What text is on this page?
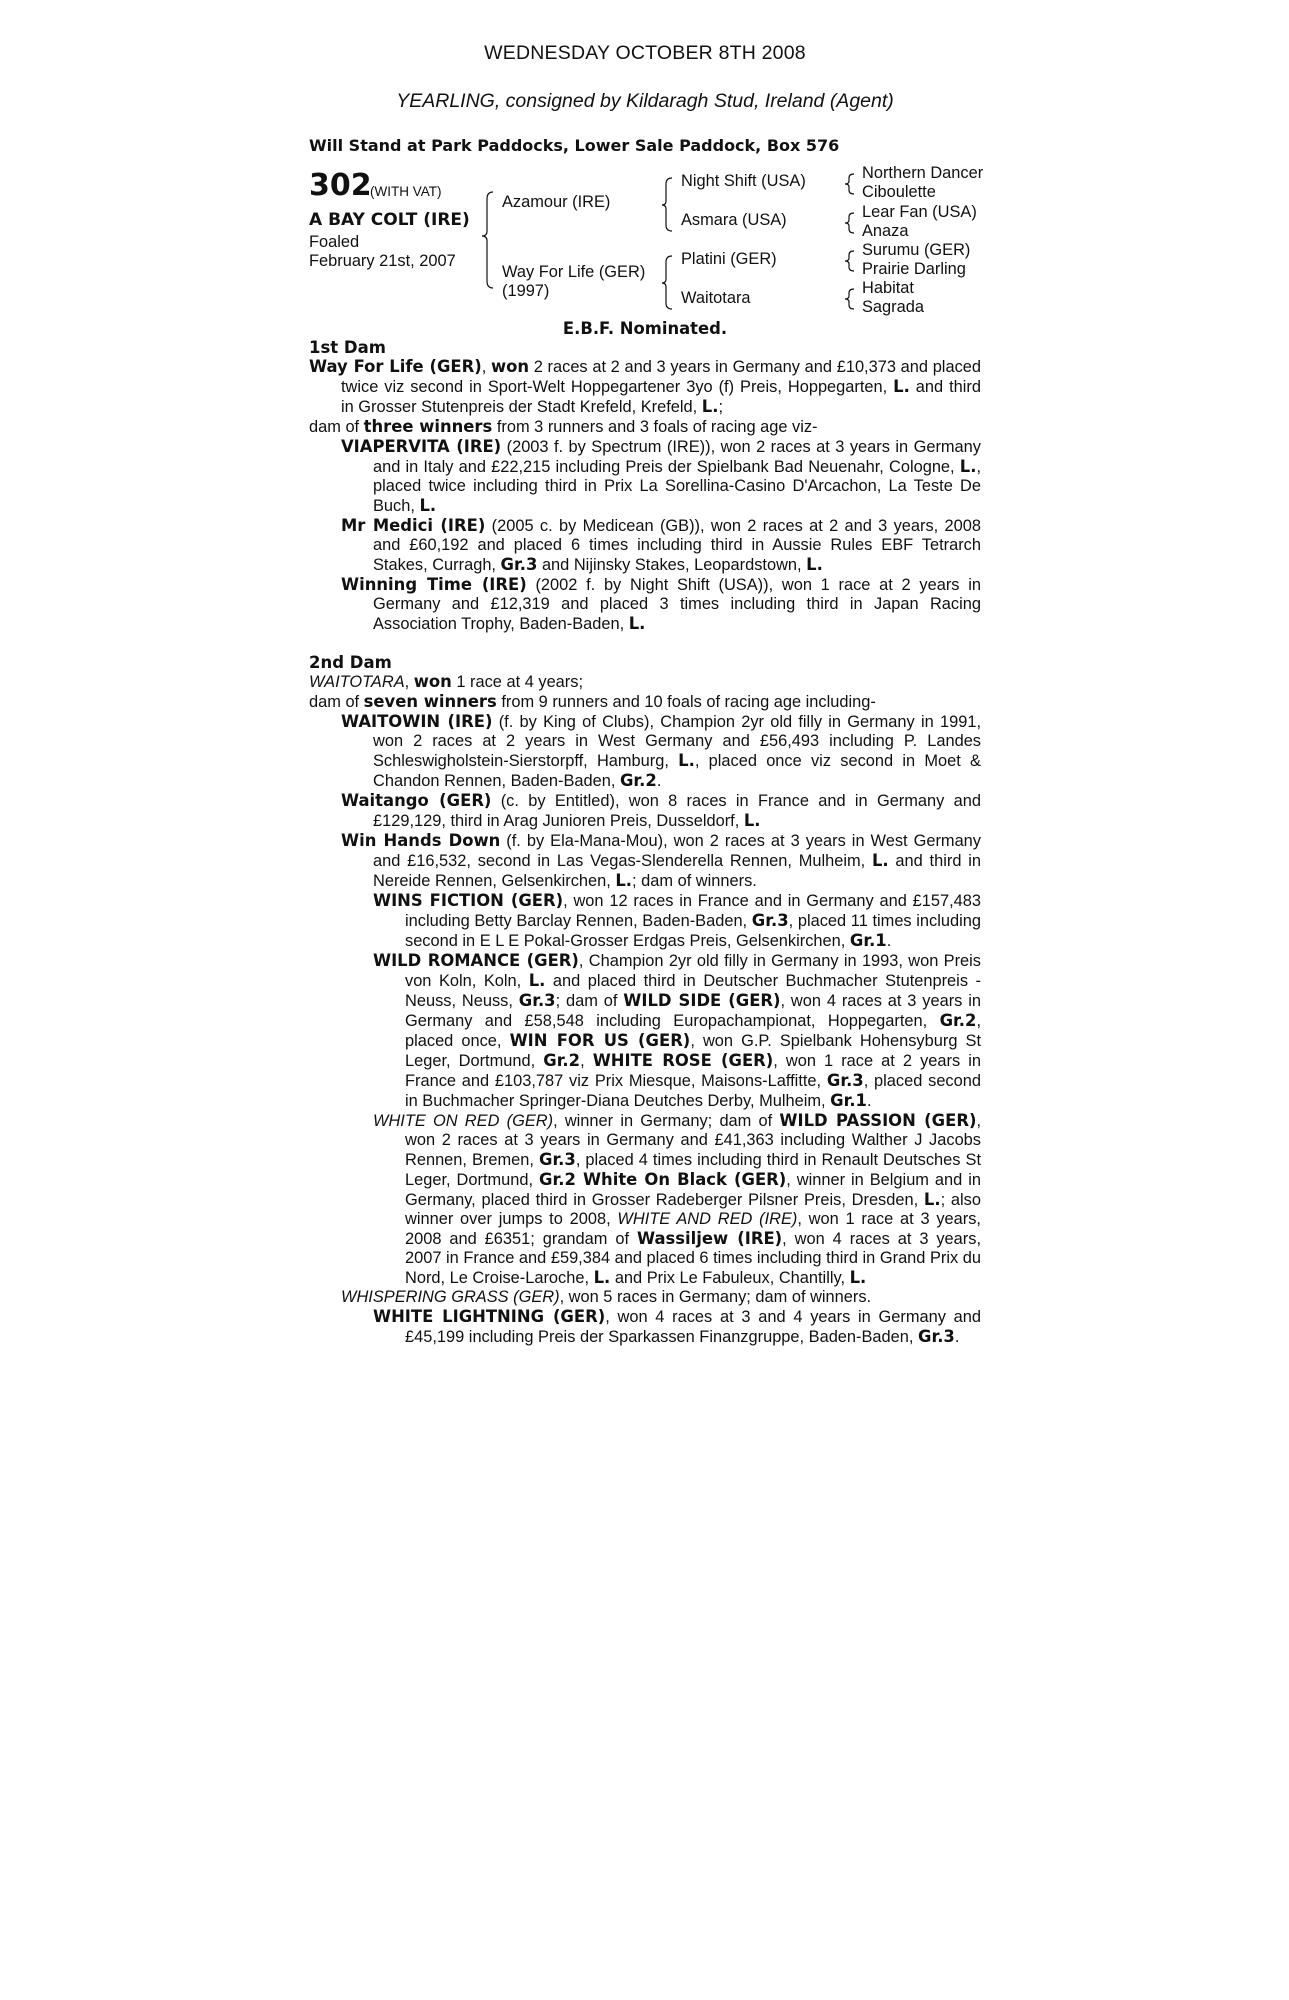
WEDNESDAY OCTOBER 8TH 2008
YEARLING, consigned by Kildaragh Stud, Ireland (Agent)
Will Stand at Park Paddocks, Lower Sale Paddock, Box 576
302
(WITH VAT)
A BAY COLT (IRE)
Foaled
February 21st, 2007
Azamour (IRE)
Way For Life (GER)
(1997)
Night Shift (USA)
Asmara (USA)
Platini (GER)
Waitotara
Northern Dancer
Ciboulette
Lear Fan (USA)
Anaza
Surumu (GER)
Prairie Darling
Habitat
Sagrada
E.B.F. Nominated.
1st Dam
Way For Life (GER), won 2 races at 2 and 3 years in Germany and £10,373 and placed twice viz second in Sport-Welt Hoppegartener 3yo (f) Preis, Hoppegarten, L. and third in Grosser Stutenpreis der Stadt Krefeld, Krefeld, L.;
dam of three winners from 3 runners and 3 foals of racing age viz-
VIAPERVITA (IRE) (2003 f. by Spectrum (IRE)), won 2 races at 3 years in Germany and in Italy and £22,215 including Preis der Spielbank Bad Neuenahr, Cologne, L., placed twice including third in Prix La Sorellina-Casino D'Arcachon, La Teste De Buch, L.
Mr Medici (IRE) (2005 c. by Medicean (GB)), won 2 races at 2 and 3 years, 2008 and £60,192 and placed 6 times including third in Aussie Rules EBF Tetrarch Stakes, Curragh, Gr.3 and Nijinsky Stakes, Leopardstown, L.
Winning Time (IRE) (2002 f. by Night Shift (USA)), won 1 race at 2 years in Germany and £12,319 and placed 3 times including third in Japan Racing Association Trophy, Baden-Baden, L.
2nd Dam
WAITOTARA, won 1 race at 4 years;
dam of seven winners from 9 runners and 10 foals of racing age including-
WAITOWIN (IRE) (f. by King of Clubs), Champion 2yr old filly in Germany in 1991, won 2 races at 2 years in West Germany and £56,493 including P. Landes Schleswigholstein-Sierstorpff, Hamburg, L., placed once viz second in Moet & Chandon Rennen, Baden-Baden, Gr.2.
Waitango (GER) (c. by Entitled), won 8 races in France and in Germany and £129,129, third in Arag Junioren Preis, Dusseldorf, L.
Win Hands Down (f. by Ela-Mana-Mou), won 2 races at 3 years in West Germany and £16,532, second in Las Vegas-Slenderella Rennen, Mulheim, L. and third in Nereide Rennen, Gelsenkirchen, L.; dam of winners.
WINS FICTION (GER), won 12 races in France and in Germany and £157,483 including Betty Barclay Rennen, Baden-Baden, Gr.3, placed 11 times including second in E L E Pokal-Grosser Erdgas Preis, Gelsenkirchen, Gr.1.
WILD ROMANCE (GER), Champion 2yr old filly in Germany in 1993, won Preis von Koln, Koln, L. and placed third in Deutscher Buchmacher Stutenpreis - Neuss, Neuss, Gr.3; dam of WILD SIDE (GER), won 4 races at 3 years in Germany and £58,548 including Europachampionat, Hoppegarten, Gr.2, placed once, WIN FOR US (GER), won G.P. Spielbank Hohensyburg St Leger, Dortmund, Gr.2, WHITE ROSE (GER), won 1 race at 2 years in France and £103,787 viz Prix Miesque, Maisons-Laffitte, Gr.3, placed second in Buchmacher Springer-Diana Deutches Derby, Mulheim, Gr.1.
WHITE ON RED (GER), winner in Germany; dam of WILD PASSION (GER), won 2 races at 3 years in Germany and £41,363 including Walther J Jacobs Rennen, Bremen, Gr.3, placed 4 times including third in Renault Deutsches St Leger, Dortmund, Gr.2 White On Black (GER), winner in Belgium and in Germany, placed third in Grosser Radeberger Pilsner Preis, Dresden, L.; also winner over jumps to 2008, WHITE AND RED (IRE), won 1 race at 3 years, 2008 and £6351; grandam of Wassiljew (IRE), won 4 races at 3 years, 2007 in France and £59,384 and placed 6 times including third in Grand Prix du Nord, Le Croise-Laroche, L. and Prix Le Fabuleux, Chantilly, L.
WHISPERING GRASS (GER), won 5 races in Germany; dam of winners.
WHITE LIGHTNING (GER), won 4 races at 3 and 4 years in Germany and £45,199 including Preis der Sparkassen Finanzgruppe, Baden-Baden, Gr.3.
